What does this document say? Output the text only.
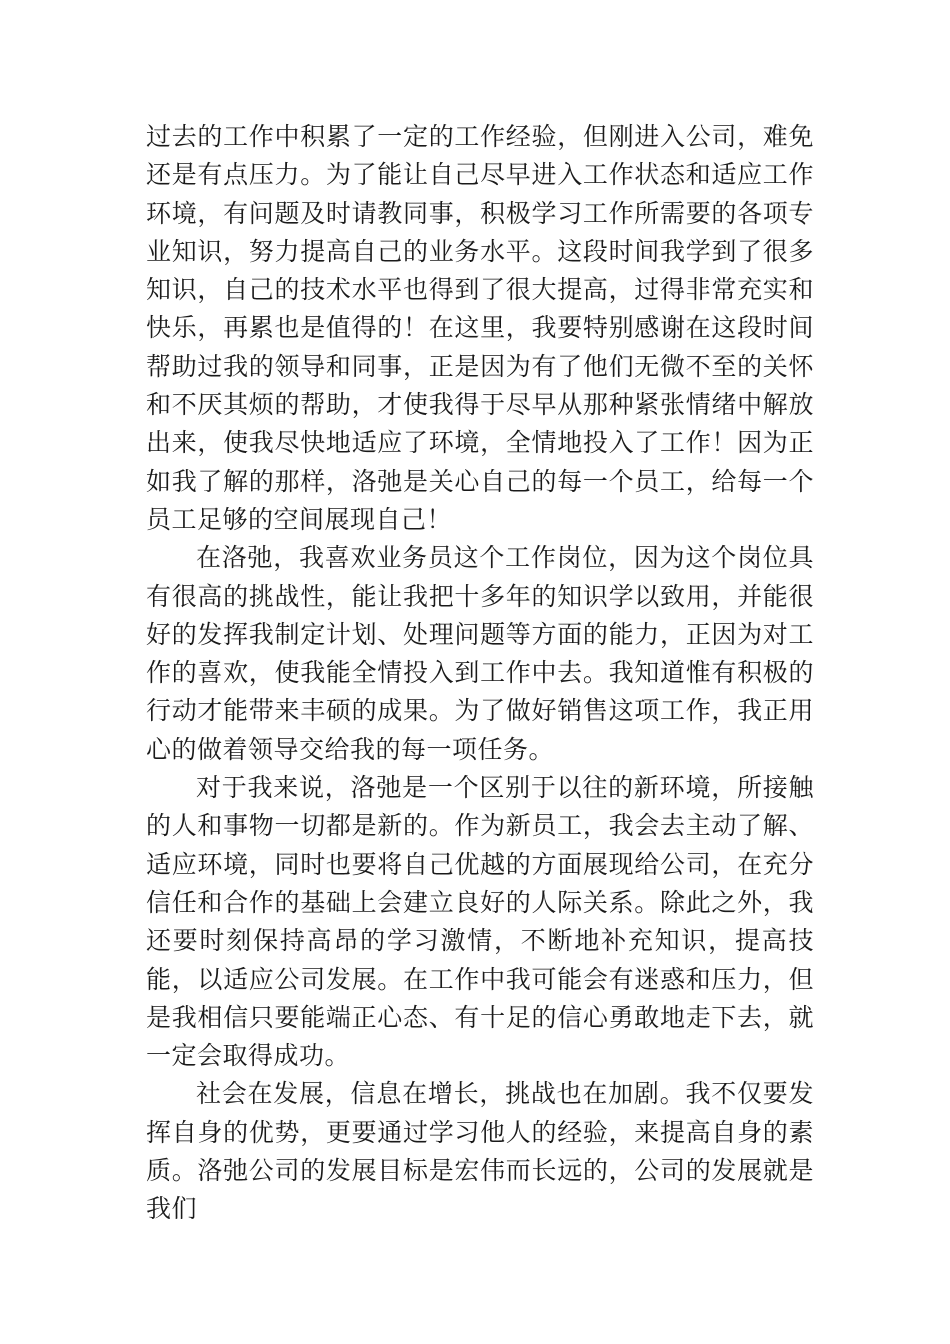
过去的工作中积累了一定的工作经验，但刚进入公司，难免还是有点压力。为了能让自己尽早进入工作状态和适应工作环境，有问题及时请教同事，积极学习工作所需要的各项专业知识，努力提高自己的业务水平。这段时间我学到了很多知识，自己的技术水平也得到了很大提高，过得非常充实和快乐，再累也是值得的！在这里，我要特别感谢在这段时间帮助过我的领导和同事，正是因为有了他们无微不至的关怀和不厌其烦的帮助，才使我得于尽早从那种紧张情绪中解放出来，使我尽快地适应了环境，全情地投入了工作！因为正如我了解的那样，洛弛是关心自己的每一个员工，给每一个员工足够的空间展现自己！

在洛弛，我喜欢业务员这个工作岗位，因为这个岗位具有很高的挑战性，能让我把十多年的知识学以致用，并能很好的发挥我制定计划、处理问题等方面的能力，正因为对工作的喜欢，使我能全情投入到工作中去。我知道惟有积极的行动才能带来丰硕的成果。为了做好销售这项工作，我正用心的做着领导交给我的每一项任务。

对于我来说，洛弛是一个区别于以往的新环境，所接触的人和事物一切都是新的。作为新员工，我会去主动了解、适应环境，同时也要将自己优越的方面展现给公司，在充分信任和合作的基础上会建立良好的人际关系。除此之外，我还要时刻保持高昂的学习激情，不断地补充知识，提高技能，以适应公司发展。在工作中我可能会有迷惑和压力，但是我相信只要能端正心态、有十足的信心勇敢地走下去，就一定会取得成功。

社会在发展，信息在增长，挑战也在加剧。我不仅要发挥自身的优势，更要通过学习他人的经验，来提高自身的素质。洛弛公司的发展目标是宏伟而长远的，公司的发展就是我们
